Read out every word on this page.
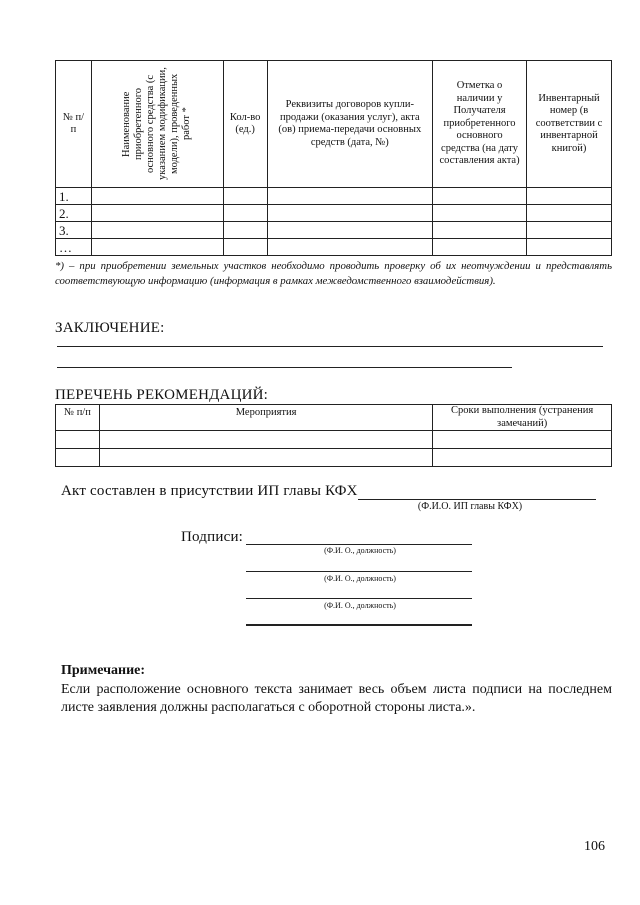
№ п/п	Наименование приобретенного основного средства (с указанием модификации, модели), проведенных работ *	Кол-во (ед.)	Реквизиты договоров купли-продажи (оказания услуг), акта (ов) приема-передачи основных средств (дата, №)	Отметка о наличии у Получателя приобретенного основного средства (на дату составления акта)	Инвентарный номер (в соответствии с инвентарной книгой)
1.					
2.					
3.					
…					
*) – при приобретении земельных участков необходимо проводить проверку об их неотчуждении и представлять соответствующую информацию (информация в рамках межведомственного взаимодействия).
ЗАКЛЮЧЕНИЕ:
ПЕРЕЧЕНЬ РЕКОМЕНДАЦИЙ:
№ п/п	Мероприятия	Сроки выполнения (устранения замечаний)

Акт составлен в присутствии ИП главы КФХ
(Ф.И.О. ИП главы КФХ)
Подписи:
(Ф.И. О., должность)
(Ф.И. О., должность)
(Ф.И. О., должность)
Примечание:
Если расположение основного текста занимает весь объем листа подписи на последнем листе заявления должны располагаться с оборотной стороны листа.».
106
